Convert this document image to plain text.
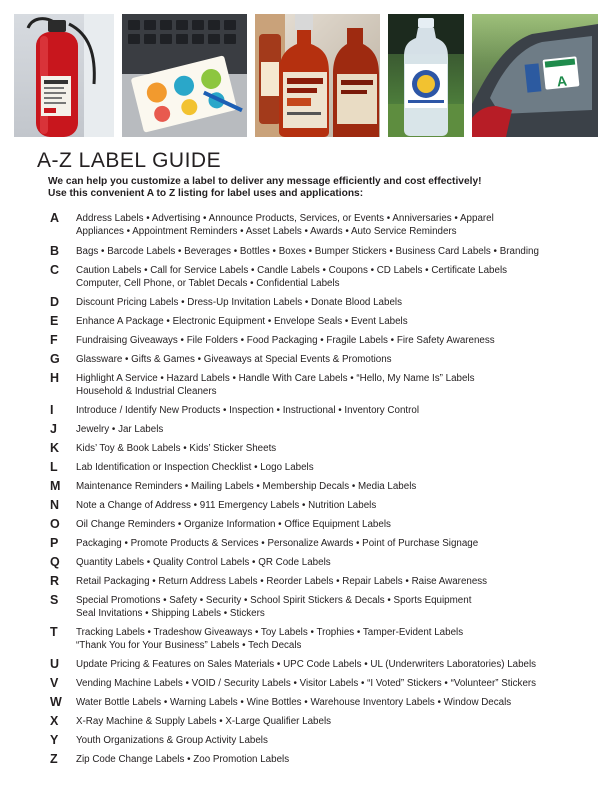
A
A-Z LABEL GUIDE
We can help you customize a label to deliver any message efficiently and cost effectively!
Use this convenient A to Z listing for label uses and applications:
A	Address Labels • Advertising • Announce Products, Services, or Events • Anniversaries • Apparel
Appliances • Appointment Reminders • Asset Labels • Awards • Auto Service Reminders
B	Bags • Barcode Labels • Beverages • Bottles • Boxes • Bumper Stickers • Business Card Labels • Branding
C	Caution Labels • Call for Service Labels • Candle Labels • Coupons • CD Labels • Certificate Labels
Computer, Cell Phone, or Tablet Decals • Confidential Labels
D	Discount Pricing Labels • Dress-Up Invitation Labels • Donate Blood Labels
E	Enhance A Package • Electronic Equipment • Envelope Seals • Event Labels
F	Fundraising Giveaways • File Folders • Food Packaging • Fragile Labels • Fire Safety Awareness
G	Glassware • Gifts & Games • Giveaways at Special Events & Promotions
H	Highlight A Service • Hazard Labels • Handle With Care Labels • “Hello, My Name Is” Labels
Household & Industrial Cleaners
I	Introduce / Identify New Products • Inspection • Instructional • Inventory Control
J	Jewelry • Jar Labels
K	Kids’ Toy & Book Labels • Kids’ Sticker Sheets
L	Lab Identification or Inspection Checklist • Logo Labels
M	Maintenance Reminders • Mailing Labels • Membership Decals • Media Labels
N	Note a Change of Address • 911 Emergency Labels • Nutrition Labels
O	Oil Change Reminders • Organize Information • Office Equipment Labels
P	Packaging • Promote Products & Services • Personalize Awards • Point of Purchase Signage
Q	Quantity Labels • Quality Control Labels • QR Code Labels
R	Retail Packaging • Return Address Labels • Reorder Labels • Repair Labels • Raise Awareness
S	Special Promotions • Safety • Security • School Spirit Stickers & Decals • Sports Equipment
Seal Invitations • Shipping Labels • Stickers
T	Tracking Labels • Tradeshow Giveaways • Toy Labels • Trophies • Tamper-Evident Labels
“Thank You for Your Business” Labels • Tech Decals
U	Update Pricing & Features on Sales Materials • UPC Code Labels • UL (Underwriters Laboratories) Labels
V	Vending Machine Labels • VOID / Security Labels • Visitor Labels • “I Voted” Stickers • “Volunteer” Stickers
W	Water Bottle Labels • Warning Labels • Wine Bottles • Warehouse Inventory Labels • Window Decals
X	X-Ray Machine & Supply Labels • X-Large Qualifier Labels
Y	Youth Organizations & Group Activity Labels
Z	Zip Code Change Labels • Zoo Promotion Labels
